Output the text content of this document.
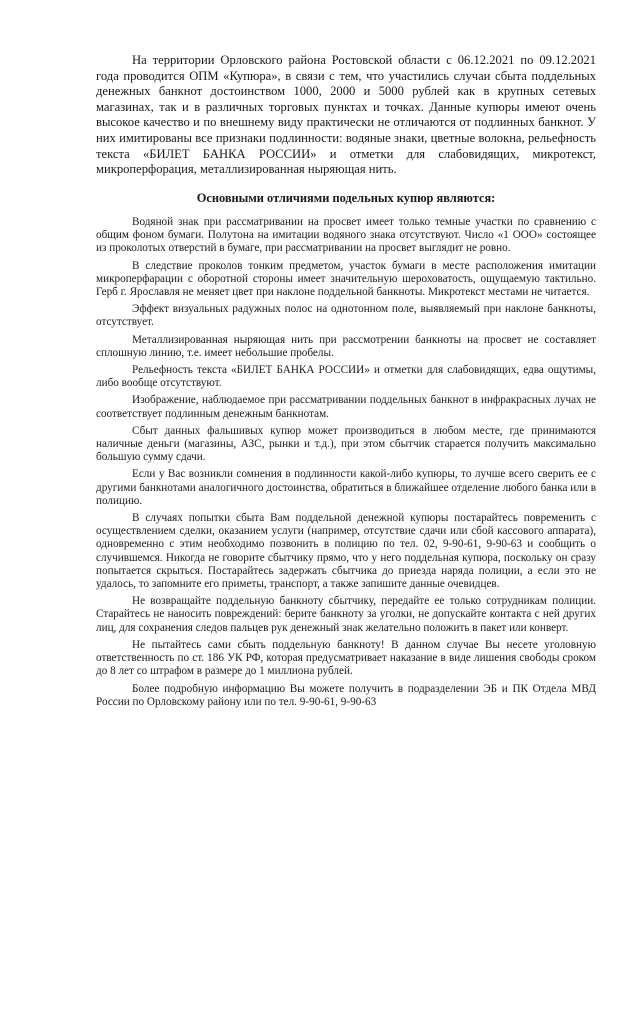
На территории Орловского района Ростовской области с 06.12.2021 по 09.12.2021 года проводится ОПМ «Купюра», в связи с тем, что участились случаи сбыта поддельных денежных банкнот достоинством 1000, 2000 и 5000 рублей как в крупных сетевых магазинах, так и в различных торговых пунктах и точках. Данные купюры имеют очень высокое качество и по внешнему виду практически не отличаются от подлинных банкнот. У них имитированы все признаки подлинности: водяные знаки, цветные волокна, рельефность текста «БИЛЕТ БАНКА РОССИИ» и отметки для слабовидящих, микротекст, микроперфорация, металлизированная ныряющая нить.

Основными отличиями подельных купюр являются:

Водяной знак при рассматривании на просвет имеет только темные участки по сравнению с общим фоном бумаги. Полутона на имитации водяного знака отсутствуют. Число «1 ООО» состоящее из проколотых отверстий в бумаге, при рассматривании на просвет выглядит не ровно.

В следствие проколов тонким предметом, участок бумаги в месте расположения имитации микроперфарации с оборотной стороны имеет значительную шероховатость, ощущаемую тактильно. Герб г. Ярославля не меняет цвет при наклоне поддельной банкноты. Микротекст местами не читается.

Эффект визуальных радужных полос на однотонном поле, выявляемый при наклоне банкноты, отсутствует.

Металлизированная ныряющая нить при рассмотрении банкноты на просвет не составляет сплошную линию, т.е. имеет небольшие пробелы.

Рельефность текста «БИЛЕТ БАНКА РОССИИ» и отметки для слабовидящих, едва ощутимы, либо вообще отсутствуют.

Изображение, наблюдаемое при рассматривании поддельных банкнот в инфракрасных лучах не соответствует подлинным денежным банкнотам.

Сбыт данных фальшивых купюр может производиться в любом месте, где принимаются наличные деньги (магазины, АЗС, рынки и т.д.), при этом сбытчик старается получить максимально большую сумму сдачи.

Если у Вас возникли сомнения в подлинности какой-либо купюры, то лучше всего сверить ее с другими банкнотами аналогичного достоинства, обратиться в ближайшее отделение любого банка или в полицию.

В случаях попытки сбыта Вам поддельной денежной купюры постарайтесь повременить с осуществлением сделки, оказанием услуги (например, отсутствие сдачи или сбой кассового аппарата), одновременно с этим необходимо позвонить в полицию по тел. 02, 9-90-61, 9-90-63 и сообщить о случившемся. Никогда не говорите сбытчику прямо, что у него поддельная купюра, поскольку он сразу попытается скрыться. Постарайтесь задержать сбытчика до приезда наряда полиции, а если это не удалось, то запомните его приметы, транспорт, а также запишите данные очевидцев.

Не возвращайте поддельную банкноту сбытчику, передайте ее только сотрудникам полиции. Старайтесь не наносить повреждений: берите банкноту за уголки, не допускайте контакта с ней других лиц, для сохранения следов пальцев рук денежный знак желательно положить в пакет или конверт.

Не пытайтесь сами сбыть поддельную банкноту! В данном случае Вы несете уголовную ответственность по ст. 186 УК РФ, которая предусматривает наказание в виде лишения свободы сроком до 8 лет со штрафом в размере до 1 миллиона рублей.

Более подробную информацию Вы можете получить в подразделении ЭБ и ПК Отдела МВД России по Орловскому району или по тел. 9-90-61, 9-90-63
